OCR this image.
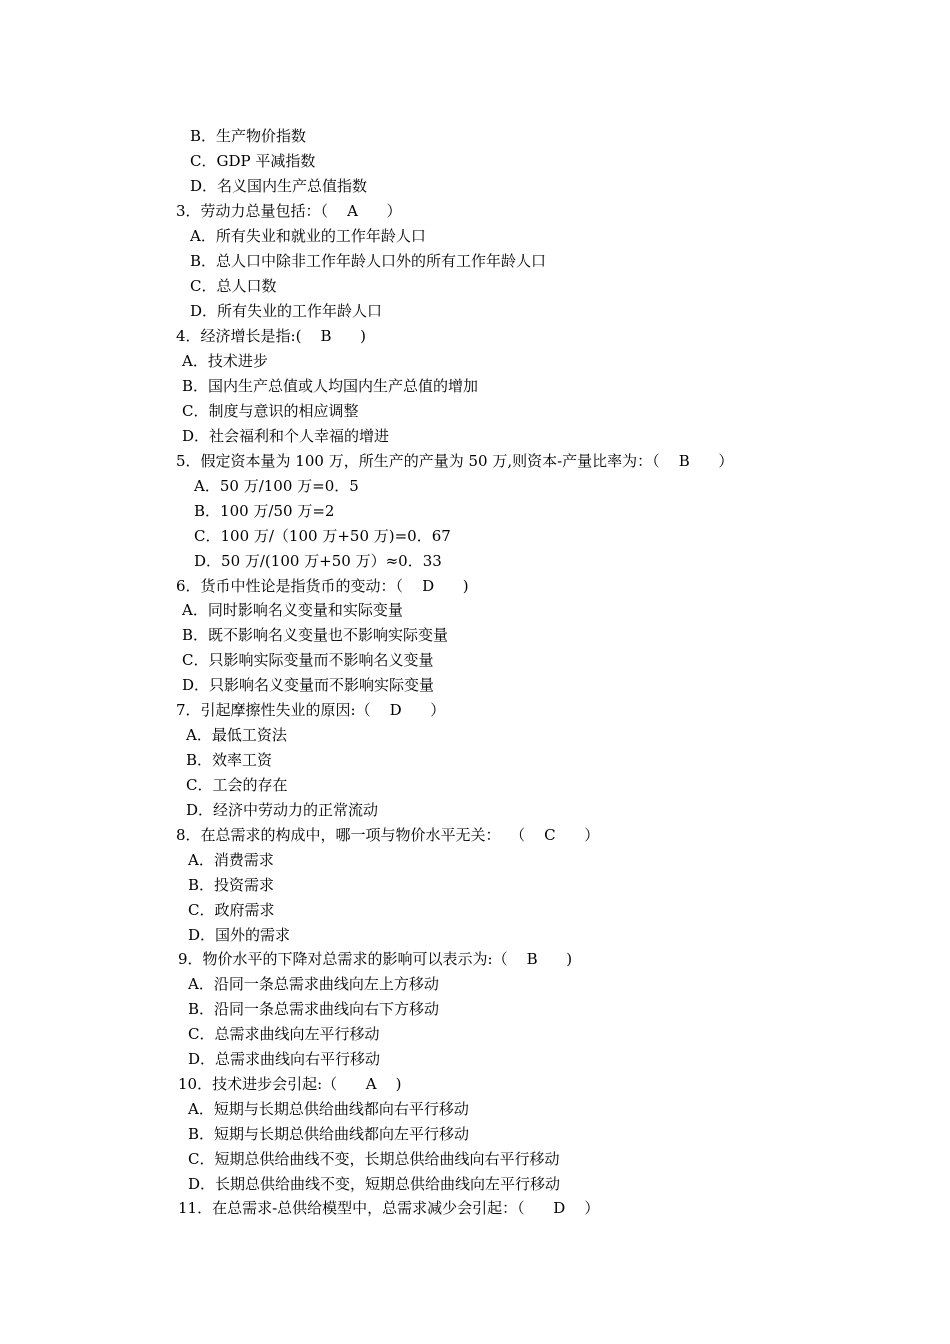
B．生产物价指数
C．GDP 平减指数
D．名义国内生产总值指数
3．劳动力总量包括：（    A      ）
A．所有失业和就业的工作年龄人口
B．总人口中除非工作年龄人口外的所有工作年龄人口
C．总人口数
D．所有失业的工作年龄人口
4．经济增长是指:(    B      )
A．技术进步
B．国内生产总值或人均国内生产总值的增加
C．制度与意识的相应调整
D．社会福利和个人幸福的增进
5．假定资本量为 100 万，所生产的产量为 50 万,则资本-产量比率为：（    B      ）
A．50 万/100 万=0．5
B．100 万/50 万=2
C．100 万/（100 万+50 万)=0．67
D．50 万/(100 万+50 万）≈0．33
6．货币中性论是指货币的变动：（    D      )
A．同时影响名义变量和实际变量
B．既不影响名义变量也不影响实际变量
C．只影响实际变量而不影响名义变量
D．只影响名义变量而不影响实际变量
7．引起摩擦性失业的原因:（    D      ）
A．最低工资法
B．效率工资
C．工会的存在
D．经济中劳动力的正常流动
8．在总需求的构成中，哪一项与物价水平无关：  （    C      ）
A．消费需求
B．投资需求
C．政府需求
D．国外的需求
9．物价水平的下降对总需求的影响可以表示为:（    B      )
A．沿同一条总需求曲线向左上方移动
B．沿同一条总需求曲线向右下方移动
C．总需求曲线向左平行移动
D．总需求曲线向右平行移动
10．技术进步会引起:（      A    )
A．短期与长期总供给曲线都向右平行移动
B．短期与长期总供给曲线都向左平行移动
C．短期总供给曲线不变，长期总供给曲线向右平行移动
D．长期总供给曲线不变，短期总供给曲线向左平行移动
11．在总需求-总供给模型中，总需求减少会引起：（      D    ）
